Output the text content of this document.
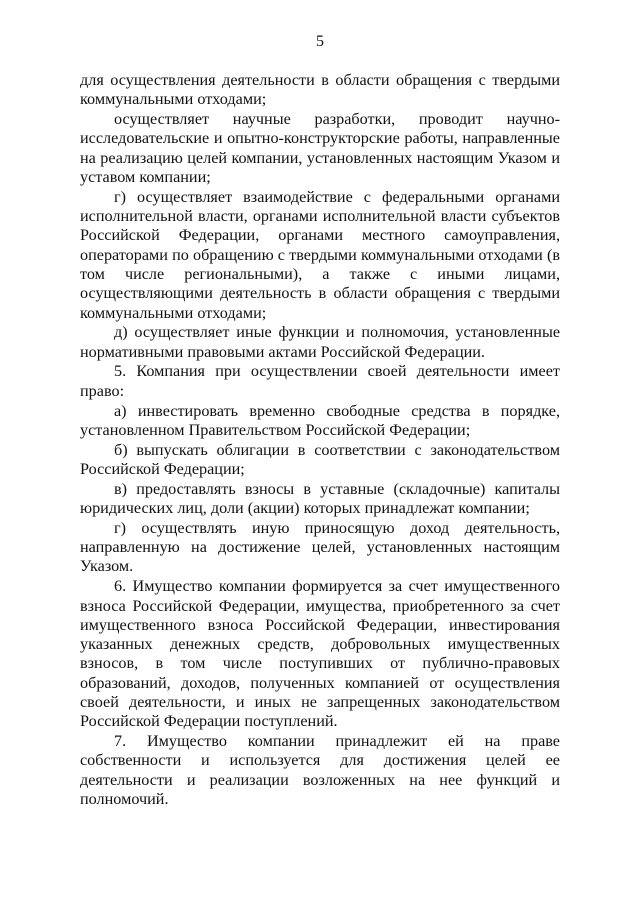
5

для осуществления деятельности в области обращения с твердыми коммунальными отходами;

осуществляет научные разработки, проводит научно-исследовательские и опытно-конструкторские работы, направленные на реализацию целей компании, установленных настоящим Указом и уставом компании;

г) осуществляет взаимодействие с федеральными органами исполнительной власти, органами исполнительной власти субъектов Российской Федерации, органами местного самоуправления, операторами по обращению с твердыми коммунальными отходами (в том числе региональными), а также с иными лицами, осуществляющими деятельность в области обращения с твердыми коммунальными отходами;

д) осуществляет иные функции и полномочия, установленные нормативными правовыми актами Российской Федерации.

5. Компания при осуществлении своей деятельности имеет право:

а) инвестировать временно свободные средства в порядке, установленном Правительством Российской Федерации;

б) выпускать облигации в соответствии с законодательством Российской Федерации;

в) предоставлять взносы в уставные (складочные) капиталы юридических лиц, доли (акции) которых принадлежат компании;

г) осуществлять иную приносящую доход деятельность, направленную на достижение целей, установленных настоящим Указом.

6. Имущество компании формируется за счет имущественного взноса Российской Федерации, имущества, приобретенного за счет имущественного взноса Российской Федерации, инвестирования указанных денежных средств, добровольных имущественных взносов, в том числе поступивших от публично-правовых образований, доходов, полученных компанией от осуществления своей деятельности, и иных не запрещенных законодательством Российской Федерации поступлений.

7. Имущество компании принадлежит ей на праве собственности и используется для достижения целей ее деятельности и реализации возложенных на нее функций и полномочий.
